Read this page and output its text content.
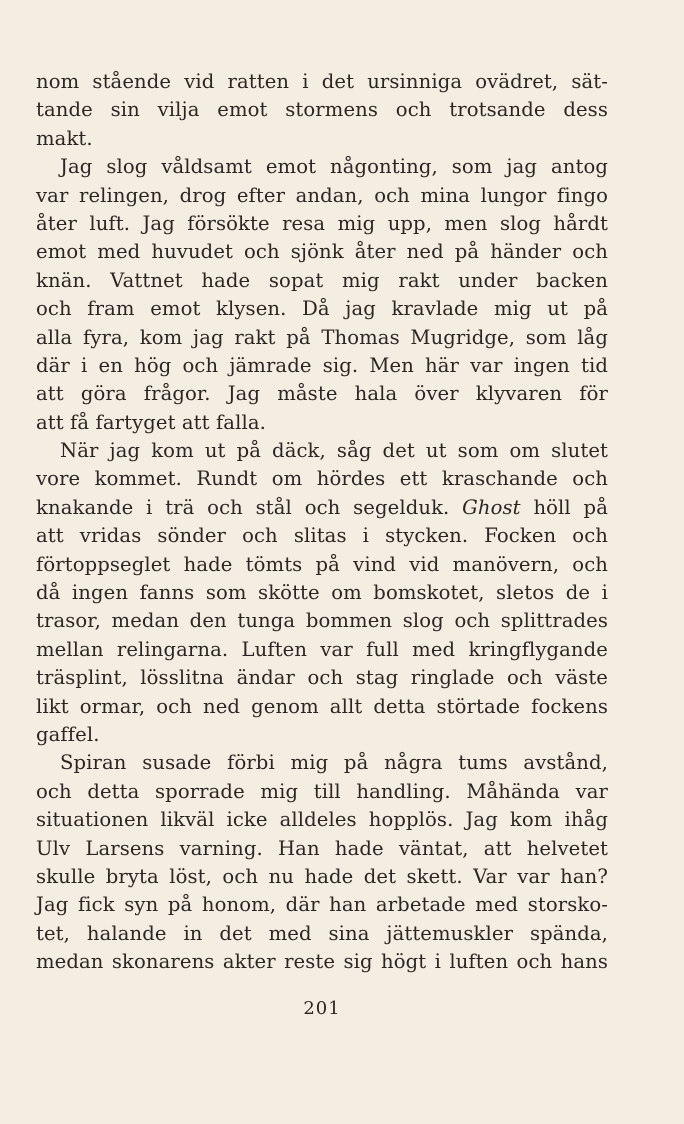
nom stående vid ratten i det ursinniga ovädret, sät-
tande sin vilja emot stormens och trotsande dess
makt.
Jag slog våldsamt emot någonting, som jag antog
var relingen, drog efter andan, och mina lungor fingo
åter luft. Jag försökte resa mig upp, men slog hårdt
emot med huvudet och sjönk åter ned på händer och
knän. Vattnet hade sopat mig rakt under backen
och fram emot klysen. Då jag kravlade mig ut på
alla fyra, kom jag rakt på Thomas Mugridge, som låg
där i en hög och jämrade sig. Men här var ingen tid
att göra frågor. Jag måste hala över klyvaren för
att få fartyget att falla.
När jag kom ut på däck, såg det ut som om slutet
vore kommet. Rundt om hördes ett kraschande och
knakande i trä och stål och segelduk. Ghost höll på
att vridas sönder och slitas i stycken. Focken och
förtoppseglet hade tömts på vind vid manövern, och
då ingen fanns som skötte om bomskotet, sletos de i
trasor, medan den tunga bommen slog och splittrades
mellan relingarna. Luften var full med kringflygande
träsplint, lösslitna ändar och stag ringlade och väste
likt ormar, och ned genom allt detta störtade fockens
gaffel.
Spiran susade förbi mig på några tums avstånd,
och detta sporrade mig till handling. Måhända var
situationen likväl icke alldeles hopplös. Jag kom ihåg
Ulv Larsens varning. Han hade väntat, att helvetet
skulle bryta löst, och nu hade det skett. Var var han?
Jag fick syn på honom, där han arbetade med storsko-
tet, halande in det med sina jättemuskler spända,
medan skonarens akter reste sig högt i luften och hans
201
